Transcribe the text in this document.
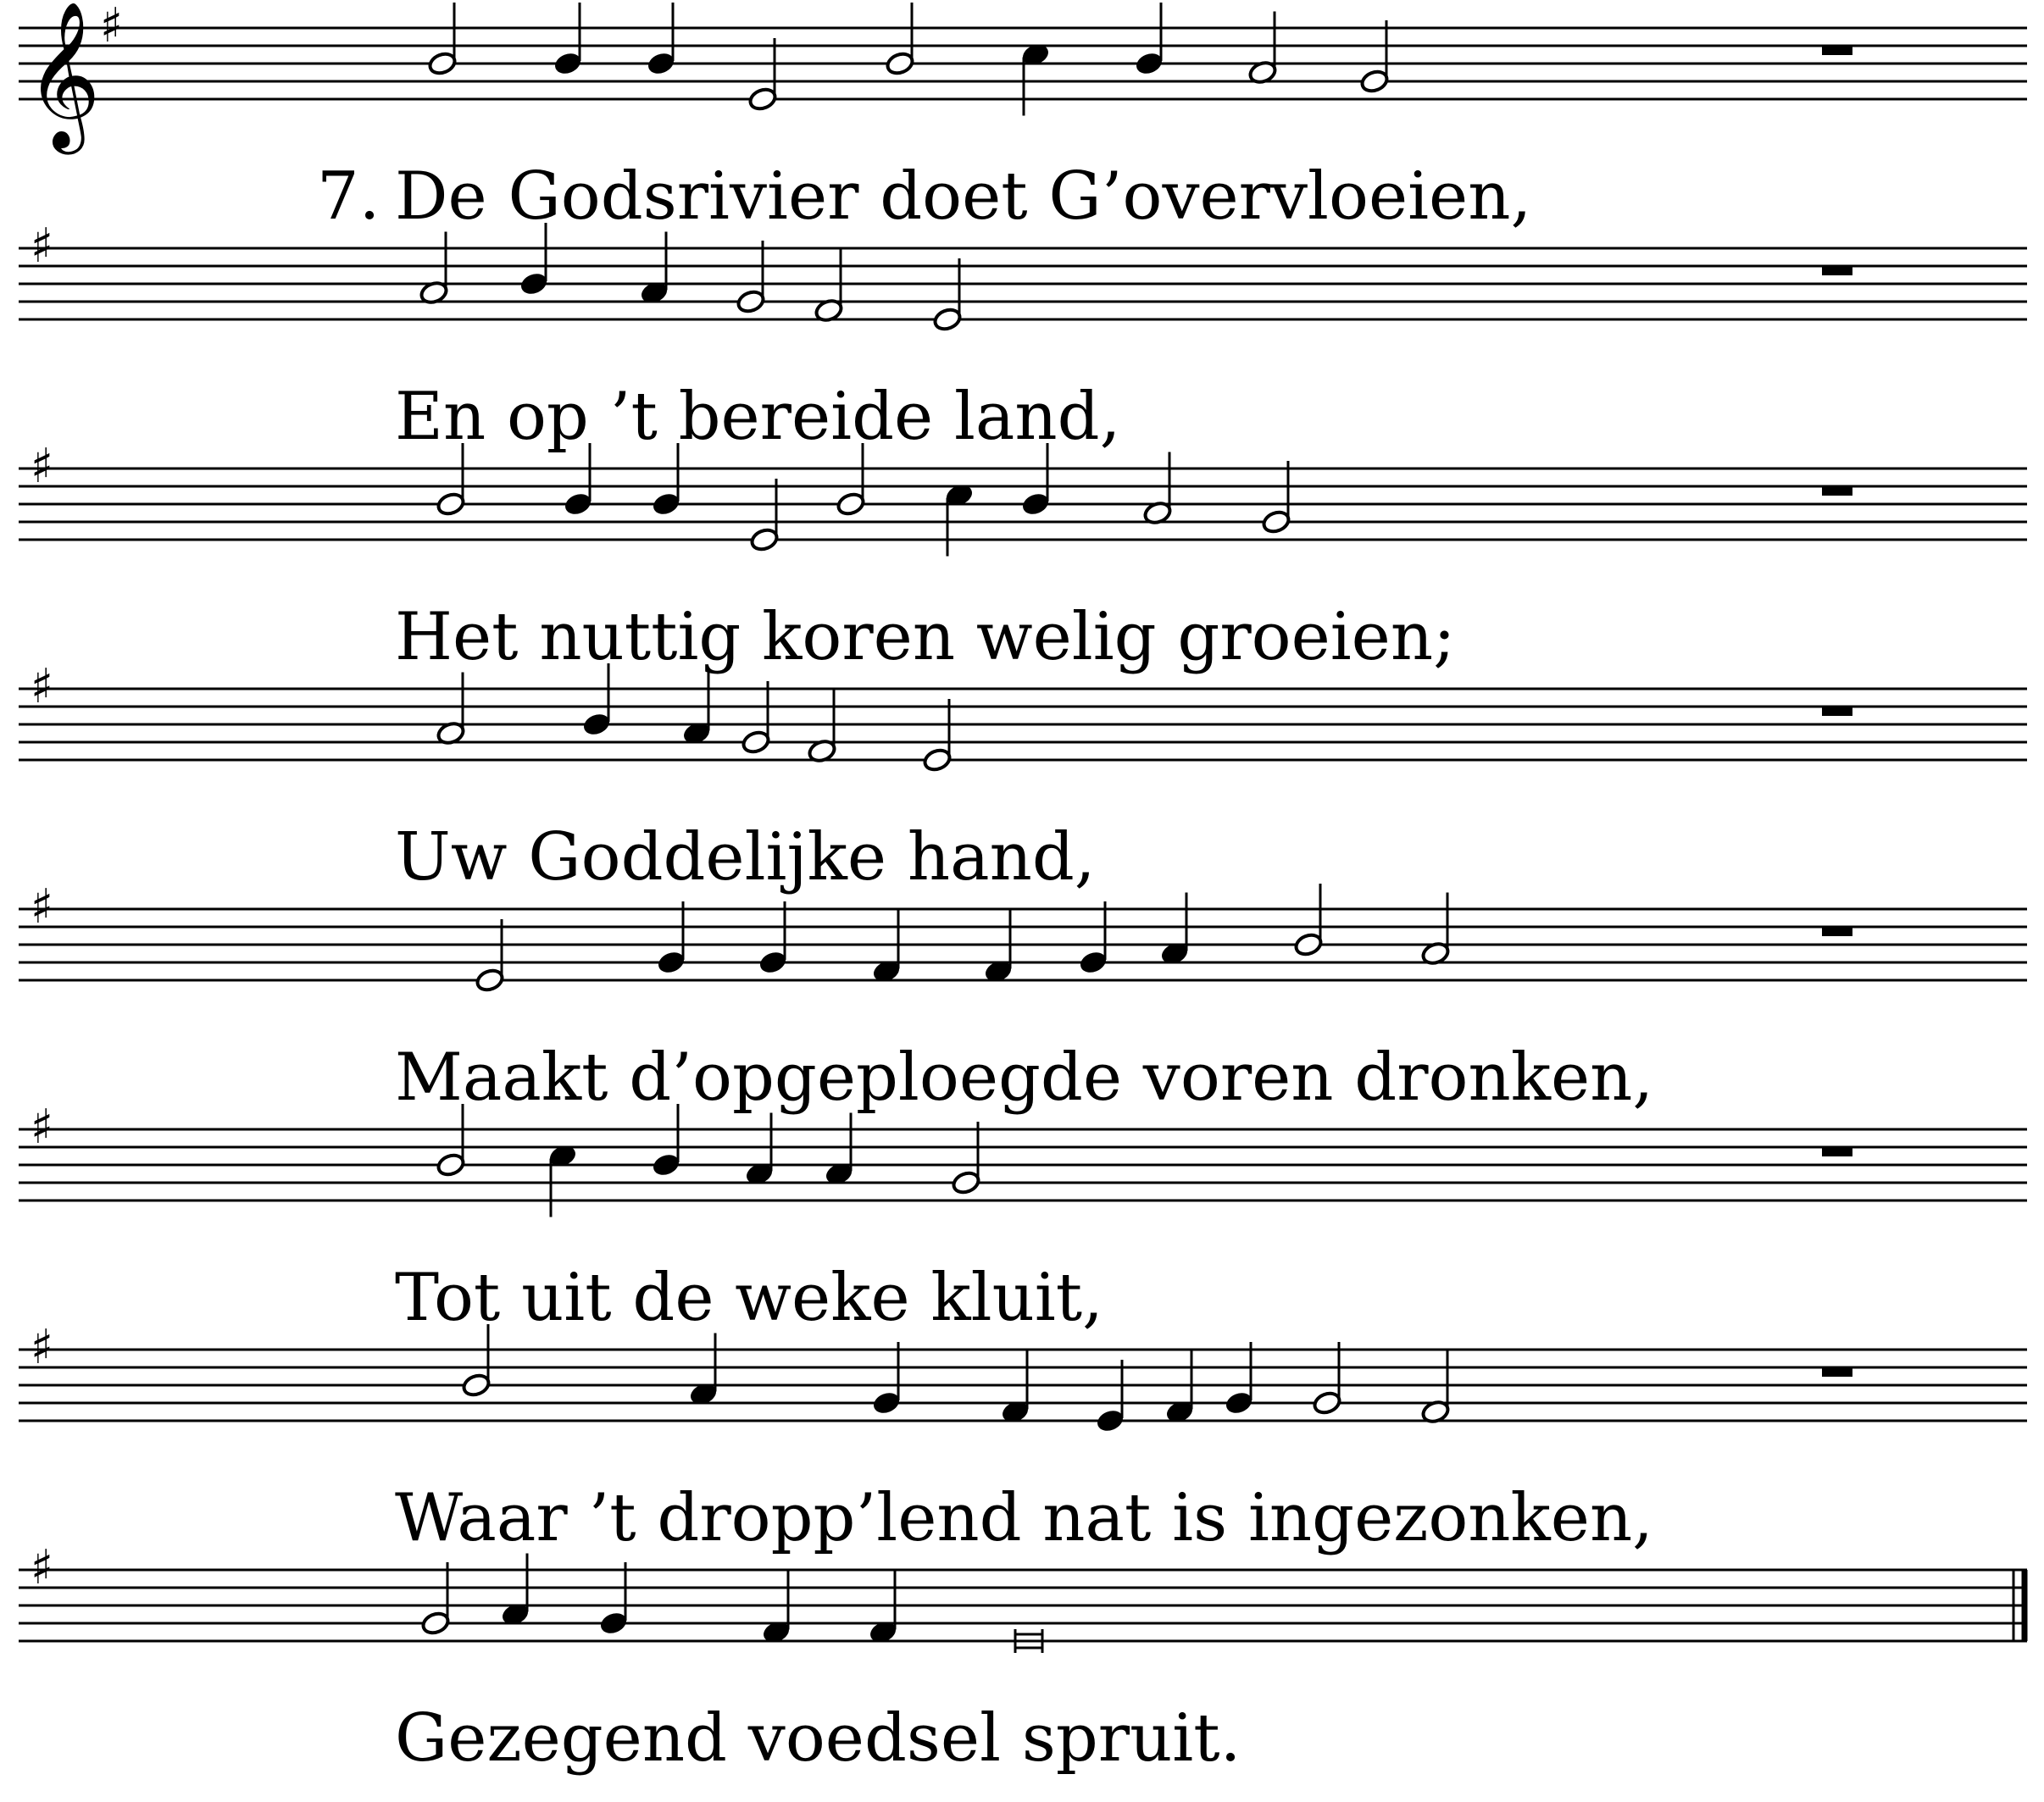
𝄞 ♯
7. De Godsrivier doet G’overvloeien,
♯
En op ’t bereide land,
♯
Het nuttig koren welig groeien;
♯
Uw Goddelijke hand,
♯
Maakt d’opgeploegde voren dronken,
♯
Tot uit de weke kluit,
♯
Waar ’t dropp’lend nat is ingezonken,
♯
Gezegend voedsel spruit.
